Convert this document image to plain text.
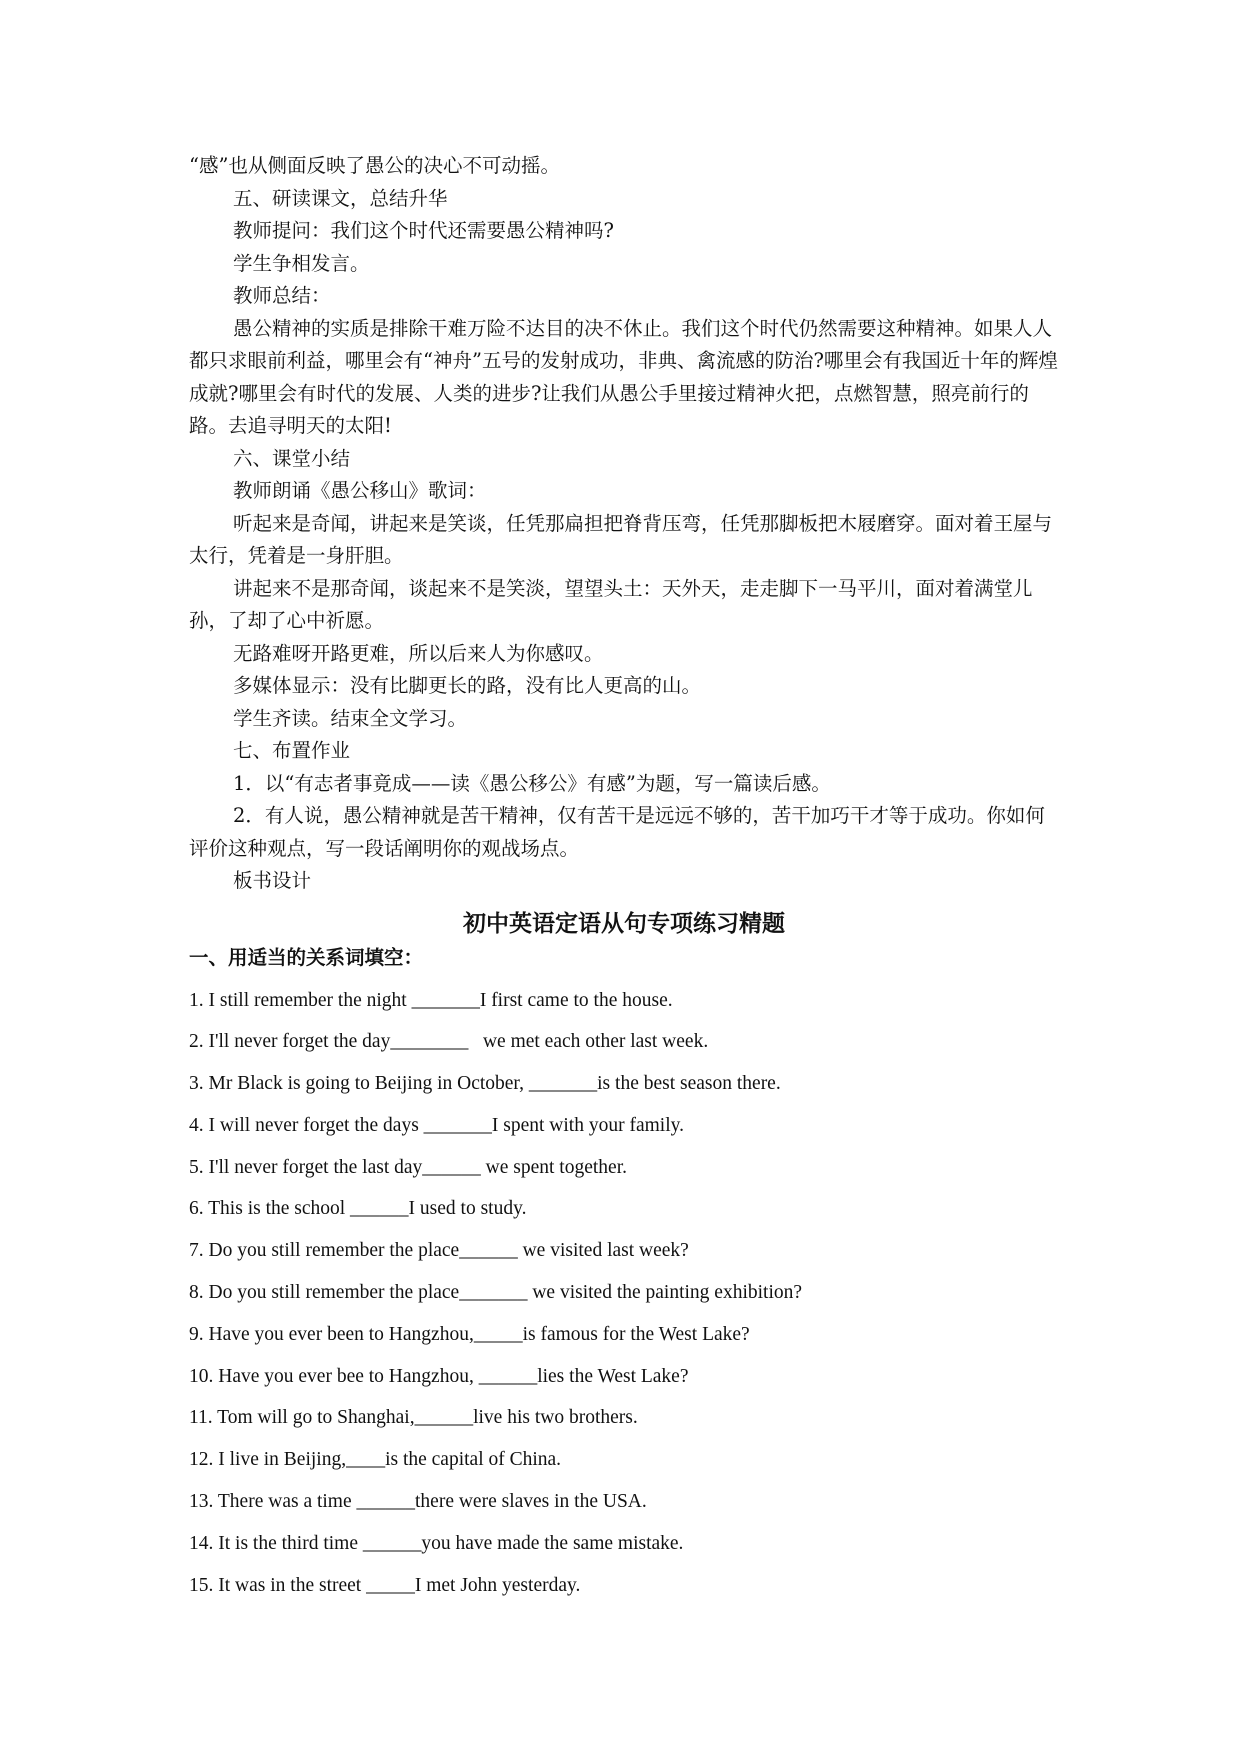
“感”也从侧面反映了愚公的决心不可动摇。

五、研读课文，总结升华

教师提问：我们这个时代还需要愚公精神吗?

学生争相发言。

教师总结：

愚公精神的实质是排除干难万险不达目的决不休止。我们这个时代仍然需要这种精神。如果人人都只求眼前利益，哪里会有“神舟”五号的发射成功，非典、禽流感的防治?哪里会有我国近十年的辉煌成就?哪里会有时代的发展、人类的进步?让我们从愚公手里接过精神火把，点燃智慧，照亮前行的路。去追寻明天的太阳!

六、课堂小结

教师朗诵《愚公移山》歌词：

听起来是奇闻，讲起来是笑谈，任凭那扁担把脊背压弯，任凭那脚板把木屐磨穿。面对着王屋与太行，凭着是一身肝胆。

讲起来不是那奇闻，谈起来不是笑淡，望望头土：天外天，走走脚下一马平川，面对着满堂儿孙，了却了心中祈愿。

无路难呀开路更难，所以后来人为你感叹。

多媒体显示：没有比脚更长的路，没有比人更高的山。

学生齐读。结束全文学习。

七、布置作业

1．以“有志者事竟成——读《愚公移公》有感”为题，写一篇读后感。

2．有人说，愚公精神就是苦干精神，仅有苦干是远远不够的，苦干加巧干才等于成功。你如何评价这种观点，写一段话阐明你的观战场点。

板书设计

初中英语定语从句专项练习精题
一、用适当的关系词填空：

1. I still remember the night _______I first came to the house.

2. I'll never forget the day________   we met each other last week.

3. Mr Black is going to Beijing in October, _______is the best season there.

4. I will never forget the days _______I spent with your family.

5. I'll never forget the last day______ we spent together.

6. This is the school ______I used to study.

7. Do you still remember the place______ we visited last week?

8. Do you still remember the place_______ we visited the painting exhibition?

9. Have you ever been to Hangzhou,_____is famous for the West Lake?

10. Have you ever bee to Hangzhou, ______lies the West Lake?

11. Tom will go to Shanghai,______live his two brothers.

12. I live in Beijing,____is the capital of China.

13. There was a time ______there were slaves in the USA.

14. It is the third time ______you have made the same mistake.

15. It was in the street _____I met John yesterday.
